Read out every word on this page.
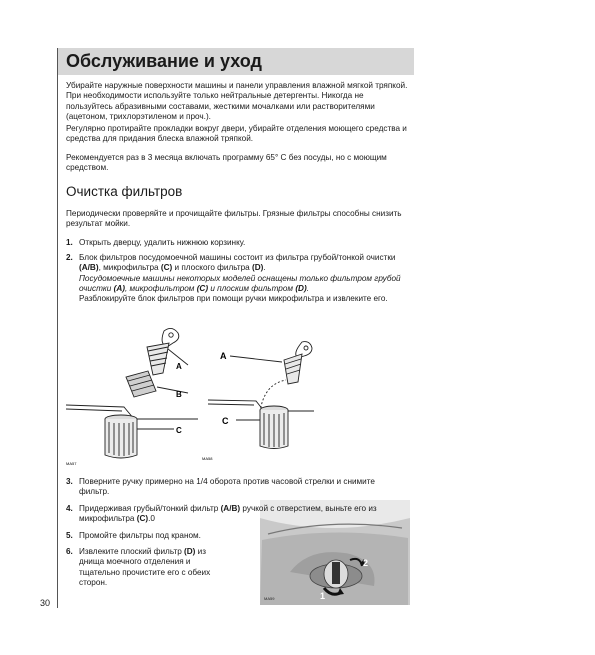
30
Обслуживание и уход

Убирайте наружные поверхности машины и панели управления влажной мягкой тряпкой. При необходимости используйте только нейтральные детергенты. Никогда не пользуйтесь абразивными составами, жесткими мочалками или растворителями (ацетоном, трихлорэтиленом и проч.).

Регулярно протирайте прокладки вокруг двери, убирайте отделения моющего средства и средства для придания блеска влажной тряпкой.

Рекомендуется раз в 3 месяца включать программу 65° С без посуды, но с моющим средством.

Очистка фильтров

Периодически проверяйте и прочищайте фильтры. Грязные фильтры способны снизить результат мойки.

1. Открыть дверцу, удалить нижнюю корзинку.
2. Блок фильтров посудомоечной машины состоит из фильтра грубой/тонкой очистки (А/В), микрофильтра (С) и плоского фильтра (D).
Посудомоечные машины некоторых моделей оснащены только фильтром грубой очистки (А), микрофильтром (С) и плоским фильтром (D).
Разблокируйте блок фильтров при помощи ручки микрофильтра и извлеките его.
A
B
C
MA57
A
C
MA58
1
2
MA59
3. Поверните ручку примерно на 1/4 оборота против часовой стрелки и снимите фильтр.
4. Придерживая грубый/тонкий фильтр (А/В) ручкой с отверстием, выньте его из микрофильтра (С).0
5. Промойте фильтры под краном.
6. Извлеките плоский фильтр (D) из днища моечного отделения и тщательно прочистите его с обеих сторон.
